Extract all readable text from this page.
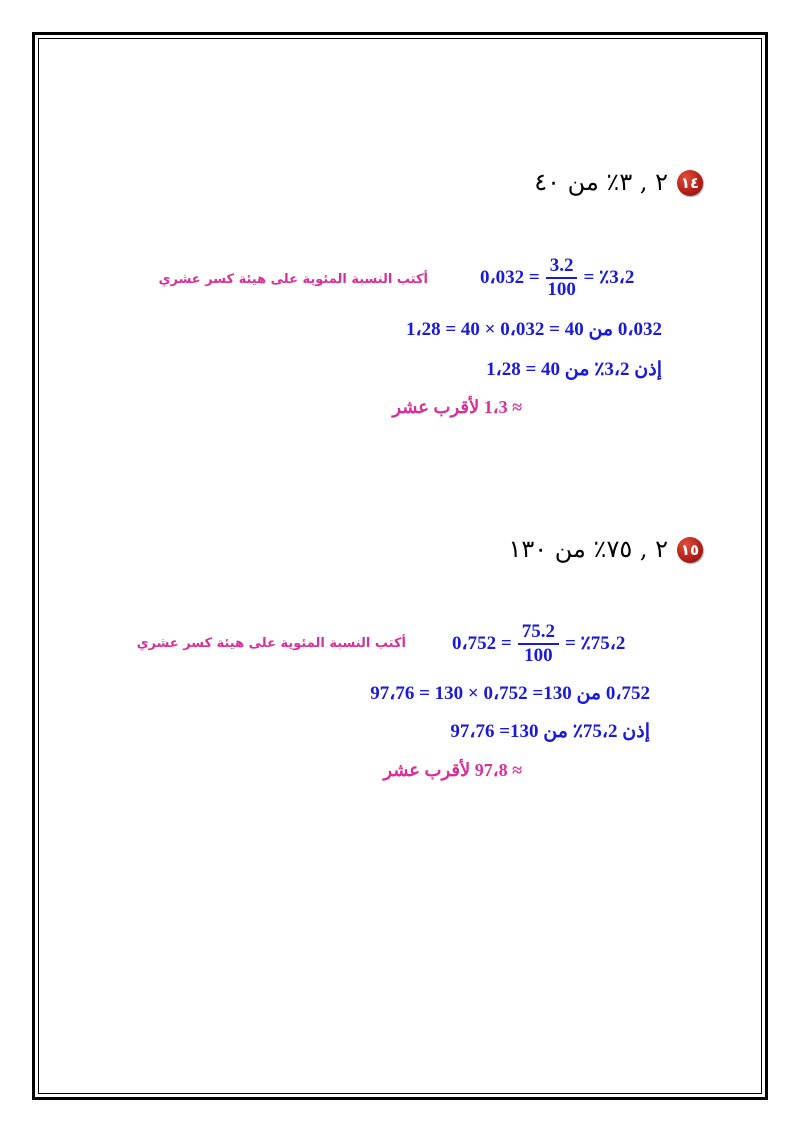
١٤
٢ , ٣٪ من ٤٠
0،032 = $\frac{3.2}{100}$ = ٪3،2
أكتب النسبة المئوية على هيئة كسر عشري
0،032 من 40 = 0،032 × 40 = 1،28
إذن 3،2٪ من 40 = 1،28
≈ 1،3 لأقرب عشر
١٥
٢ , ٧٥٪ من ١٣٠
0،752 = $\frac{75.2}{100}$ = ٪75،2
أكتب النسبة المئوية على هيئة كسر عشري
0،752 من 130= 0،752 × 130 = 97،76
إذن 75،2٪ من 130= 97،76
≈ 97،8 لأقرب عشر
